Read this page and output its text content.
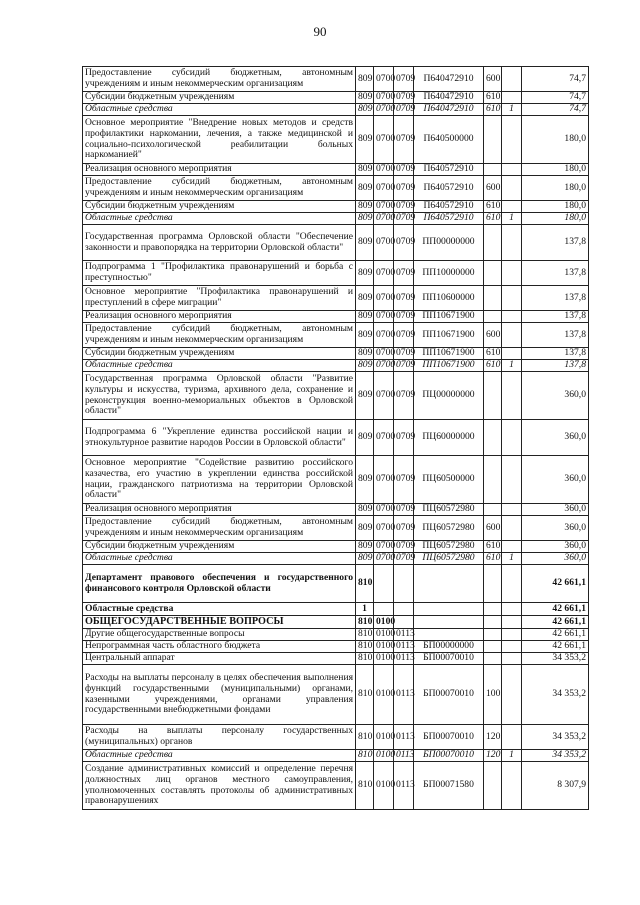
90
Предоставление субсидий бюджетным, автономным учреждениям и иным некоммерческим организациям	809	0700	0709	П640472910	600		74,7
Субсидии бюджетным учреждениям	809	0700	0709	П640472910	610		74,7
Областные средства	809	0700	0709	П640472910	610	1	74,7
Основное мероприятие "Внедрение новых методов и средств профилактики наркомании, лечения, а также медицинской и социально-психологической реабилитации больных наркоманией"	809	0700	0709	П640500000			180,0
Реализация основного мероприятия	809	0700	0709	П640572910			180,0
Предоставление субсидий бюджетным, автономным учреждениям и иным некоммерческим организациям	809	0700	0709	П640572910	600		180,0
Субсидии бюджетным учреждениям	809	0700	0709	П640572910	610		180,0
Областные средства	809	0700	0709	П640572910	610	1	180,0
Государственная программа Орловской области "Обеспечение законности и правопорядка на территории Орловской области"	809	0700	0709	ПП00000000			137,8
Подпрограмма 1 "Профилактика правонарушений и борьба с преступностью"	809	0700	0709	ПП10000000			137,8
Основное мероприятие "Профилактика правонарушений и преступлений в сфере миграции"	809	0700	0709	ПП10600000			137,8
Реализация основного мероприятия	809	0700	0709	ПП10671900			137,8
Предоставление субсидий бюджетным, автономным учреждениям и иным некоммерческим организациям	809	0700	0709	ПП10671900	600		137,8
Субсидии бюджетным учреждениям	809	0700	0709	ПП10671900	610		137,8
Областные средства	809	0700	0709	ПП10671900	610	1	137,8
Государственная программа Орловской области "Развитие культуры и искусства, туризма, архивного дела, сохранение и реконструкция военно-мемориальных объектов в Орловской области"	809	0700	0709	ПЦ00000000			360,0
Подпрограмма 6 "Укрепление единства российской нации и этнокультурное развитие народов России в Орловской области"	809	0700	0709	ПЦ60000000			360,0
Основное мероприятие "Содействие развитию российского казачества, его участию в укреплении единства российской нации, гражданского патриотизма на территории Орловской области"	809	0700	0709	ПЦ60500000			360,0
Реализация основного мероприятия	809	0700	0709	ПЦ60572980			360,0
Предоставление субсидий бюджетным, автономным учреждениям и иным некоммерческим организациям	809	0700	0709	ПЦ60572980	600		360,0
Субсидии бюджетным учреждениям	809	0700	0709	ПЦ60572980	610		360,0
Областные средства	809	0700	0709	ПЦ60572980	610	1	360,0
Департамент правового обеспечения и государственного финансового контроля Орловской области	810						42 661,1
Областные средства	1						42 661,1
ОБЩЕГОСУДАРСТВЕННЫЕ ВОПРОСЫ	810	0100					42 661,1
Другие общегосударственные вопросы	810	0100	0113				42 661,1
Непрограммная часть областного бюджета	810	0100	0113	БП00000000			42 661,1
Центральный аппарат	810	0100	0113	БП00070010			34 353,2
Расходы на выплаты персоналу в целях обеспечения выполнения функций государственными (муниципальными) органами, казенными учреждениями, органами управления государственными внебюджетными фондами	810	0100	0113	БП00070010	100		34 353,2
Расходы на выплаты персоналу государственных (муниципальных) органов	810	0100	0113	БП00070010	120		34 353,2
Областные средства	810	0100	0113	БП00070010	120	1	34 353,2
Создание административных комиссий и определение перечня должностных лиц органов местного самоуправления, уполномоченных составлять протоколы об административных правонарушениях	810	0100	0113	БП00071580			8 307,9
